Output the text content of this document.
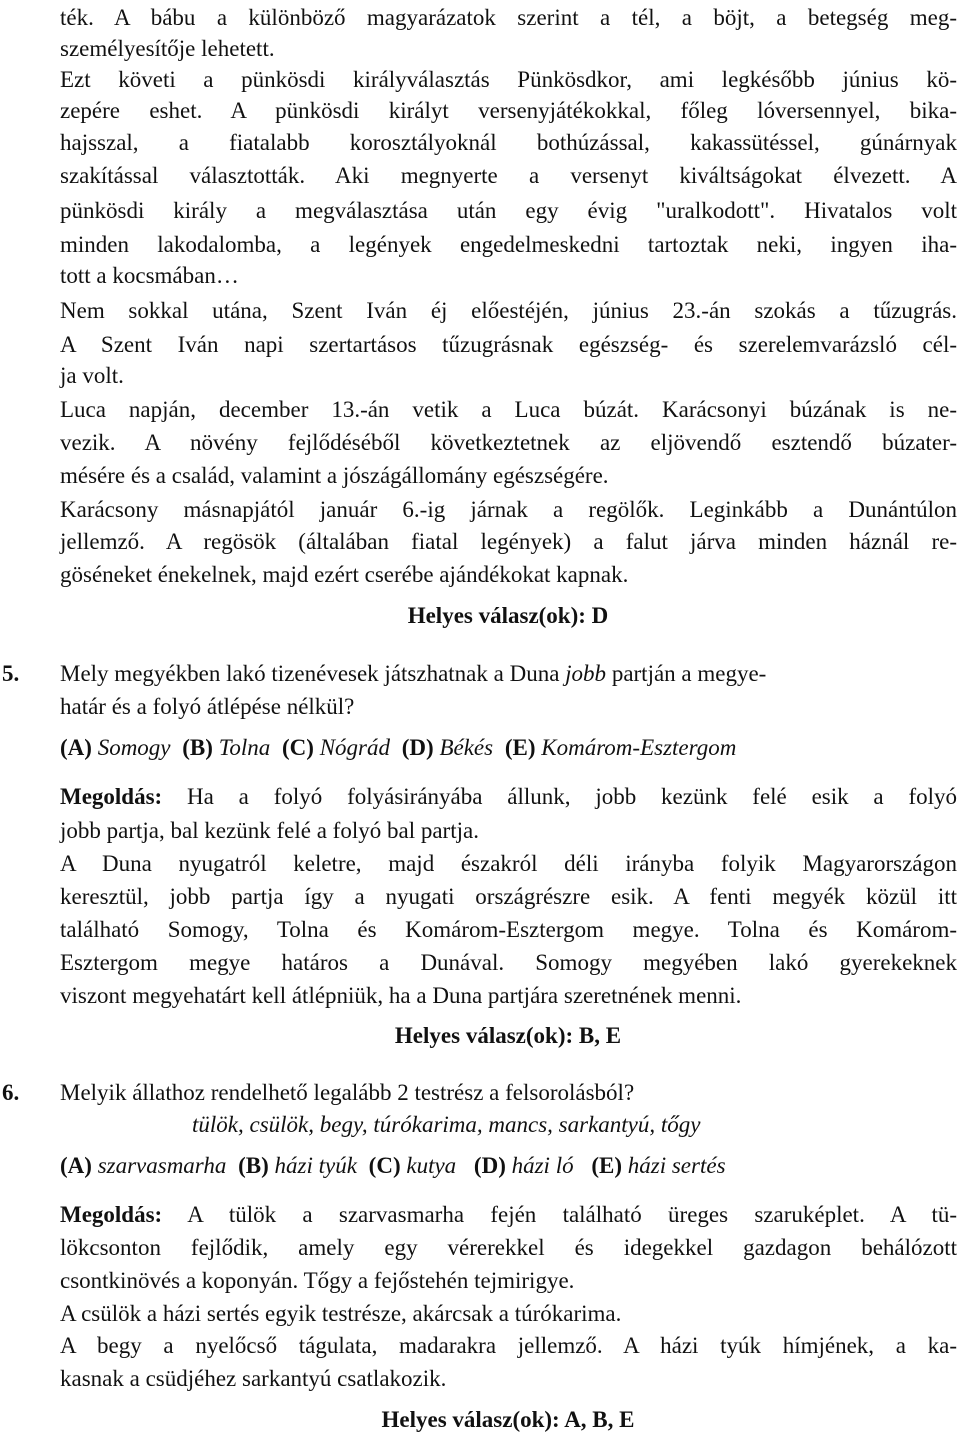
ték. A bábu a különböző magyarázatok szerint a tél, a böjt, a betegség meg-
személyesítője lehetett.
Ezt követi a pünkösdi királyválasztás Pünkösdkor, ami legkésőbb június kö-
zepére eshet. A pünkösdi királyt versenyjátékokkal, főleg lóversennyel, bika-
hajsszal, a fiatalabb korosztályoknál bothúzással, kakassütéssel, gúnárnyak
szakítással választották. Aki megnyerte a versenyt kiváltságokat élvezett. A
pünkösdi király a megválasztása után egy évig "uralkodott". Hivatalos volt
minden lakodalomba, a legények engedelmeskedni tartoztak neki, ingyen iha-
tott a kocsmában…
Nem sokkal utána, Szent Iván éj előestéjén, június 23.-án szokás a tűzugrás.
A Szent Iván napi szertartásos tűzugrásnak egészség- és szerelemvarázsló cél-
ja volt.
Luca napján, december 13.-án vetik a Luca búzát. Karácsonyi búzának is ne-
vezik. A növény fejlődéséből következtetnek az eljövendő esztendő búzater-
mésére és a család, valamint a jószágállomány egészségére.
Karácsony másnapjától január 6.-ig járnak a regölők. Leginkább a Dunántúlon
jellemző. A regösök (általában fiatal legények) a falut járva minden háznál re-
göséneket énekelnek, majd ezért cserébe ajándékokat kapnak.
Helyes válasz(ok): D
5. Mely megyékben lakó tizenévesek játszhatnak a Duna jobb partján a megye-
határ és a folyó átlépése nélkül?
(A) Somogy (B) Tolna (C) Nógrád (D) Békés (E) Komárom-Esztergom
Megoldás: Ha a folyó folyásirányába állunk, jobb kezünk felé esik a folyó
jobb partja, bal kezünk felé a folyó bal partja.
A Duna nyugatról keletre, majd északról déli irányba folyik Magyarországon
keresztül, jobb partja így a nyugati országrészre esik. A fenti megyék közül itt
található Somogy, Tolna és Komárom-Esztergom megye. Tolna és Komárom-
Esztergom megye határos a Dunával. Somogy megyében lakó gyerekeknek
viszont megyehatárt kell átlépniük, ha a Duna partjára szeretnének menni.
Helyes válasz(ok): B, E
6. Melyik állathoz rendelhető legalább 2 testrész a felsorolásból?
tülök, csülök, begy, túrókarima, mancs, sarkantyú, tőgy
(A) szarvasmarha (B) házi tyúk (C) kutya (D) házi ló (E) házi sertés
Megoldás: A tülök a szarvasmarha fején található üreges szaruképlet. A tü-
lökcsonton fejlődik, amely egy vérerekkel és idegekkel gazdagon behálózott
csontkinövés a koponyán. Tőgy a fejőstehén tejmirigye.
A csülök a házi sertés egyik testrésze, akárcsak a túrókarima.
A begy a nyelőcső tágulata, madarakra jellemző. A házi tyúk hímjének, a ka-
kasnak a csüdjéhez sarkantyú csatlakozik.
Helyes válasz(ok): A, B, E
